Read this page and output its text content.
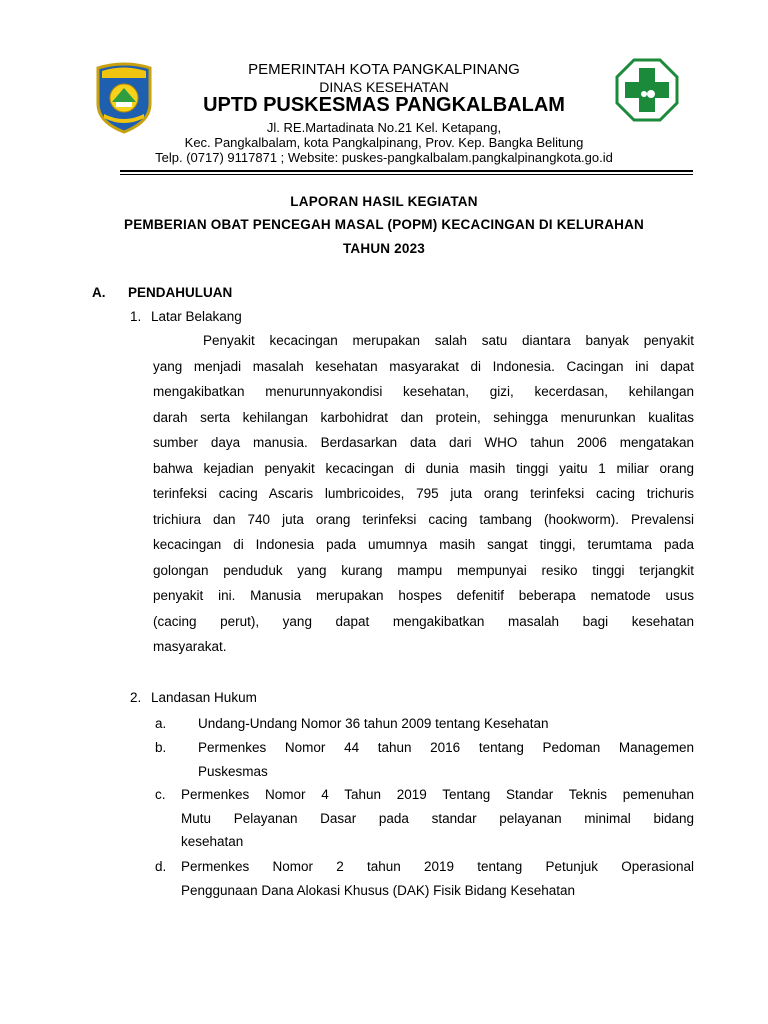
PEMERINTAH KOTA PANGKALPINANG
DINAS KESEHATAN
UPTD PUSKESMAS PANGKALBALAM
Jl. RE.Martadinata No.21 Kel. Ketapang,
Kec. Pangkalbalam, kota Pangkalpinang, Prov. Kep. Bangka Belitung
Telp. (0717) 9117871 ; Website: puskes-pangkalbalam.pangkalpinangkota.go.id
LAPORAN HASIL KEGIATAN
PEMBERIAN OBAT PENCEGAH MASAL (POPM) KECACINGAN DI KELURAHAN
TAHUN 2023
A. PENDAHULUAN
1. Latar Belakang
Penyakit kecacingan merupakan salah satu diantara banyak penyakit
yang menjadi masalah kesehatan masyarakat di Indonesia. Cacingan ini dapat
mengakibatkan menurunnyakondisi kesehatan, gizi, kecerdasan, kehilangan
darah serta kehilangan karbohidrat dan protein, sehingga menurunkan kualitas
sumber daya manusia. Berdasarkan data dari WHO tahun 2006 mengatakan
bahwa kejadian penyakit kecacingan di dunia masih tinggi yaitu 1 miliar orang
terinfeksi cacing Ascaris lumbricoides, 795 juta orang terinfeksi cacing trichuris
trichiura dan 740 juta orang terinfeksi cacing tambang (hookworm). Prevalensi
kecacingan di Indonesia pada umumnya masih sangat tinggi, terumtama pada
golongan penduduk yang kurang mampu mempunyai resiko tinggi terjangkit
penyakit ini. Manusia merupakan hospes defenitif beberapa nematode usus
(cacing perut), yang dapat mengakibatkan masalah bagi kesehatan
masyarakat.
2. Landasan Hukum
a. Undang-Undang Nomor 36 tahun 2009 tentang Kesehatan
b. Permenkes Nomor 44 tahun 2016 tentang Pedoman Managemen
Puskesmas
c. Permenkes Nomor 4 Tahun 2019 Tentang Standar Teknis pemenuhan
Mutu Pelayanan Dasar pada standar pelayanan minimal bidang
kesehatan
d. Permenkes Nomor 2 tahun 2019 tentang Petunjuk Operasional
Penggunaan Dana Alokasi Khusus (DAK) Fisik Bidang Kesehatan
